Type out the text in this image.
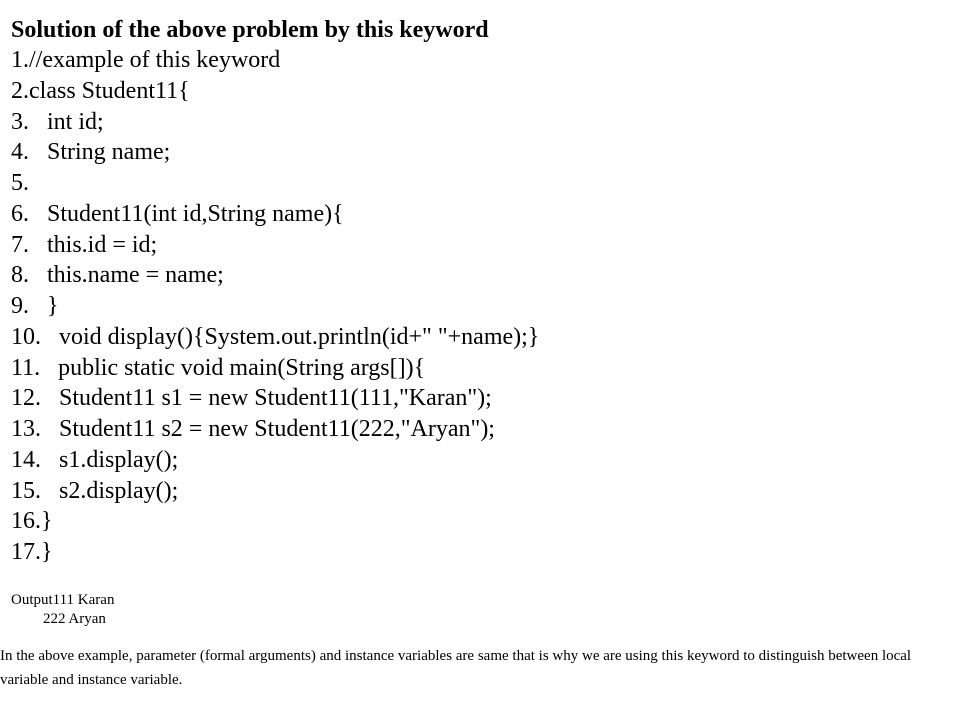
Solution of the above problem by this keyword
1.//example of this keyword
2.class Student11{
3.   int id;
4.   String name;
5.
6.   Student11(int id,String name){
7.   this.id = id;
8.   this.name = name;
9.   }
10.   void display(){System.out.println(id+" "+name);}
11.   public static void main(String args[]){
12.   Student11 s1 = new Student11(111,"Karan");
13.   Student11 s2 = new Student11(222,"Aryan");
14.   s1.display();
15.   s2.display();
16.}
17.}
Output111 Karan
222 Aryan
In the above example, parameter (formal arguments) and instance variables are same that is why we are using this keyword to distinguish between local variable and instance variable.
